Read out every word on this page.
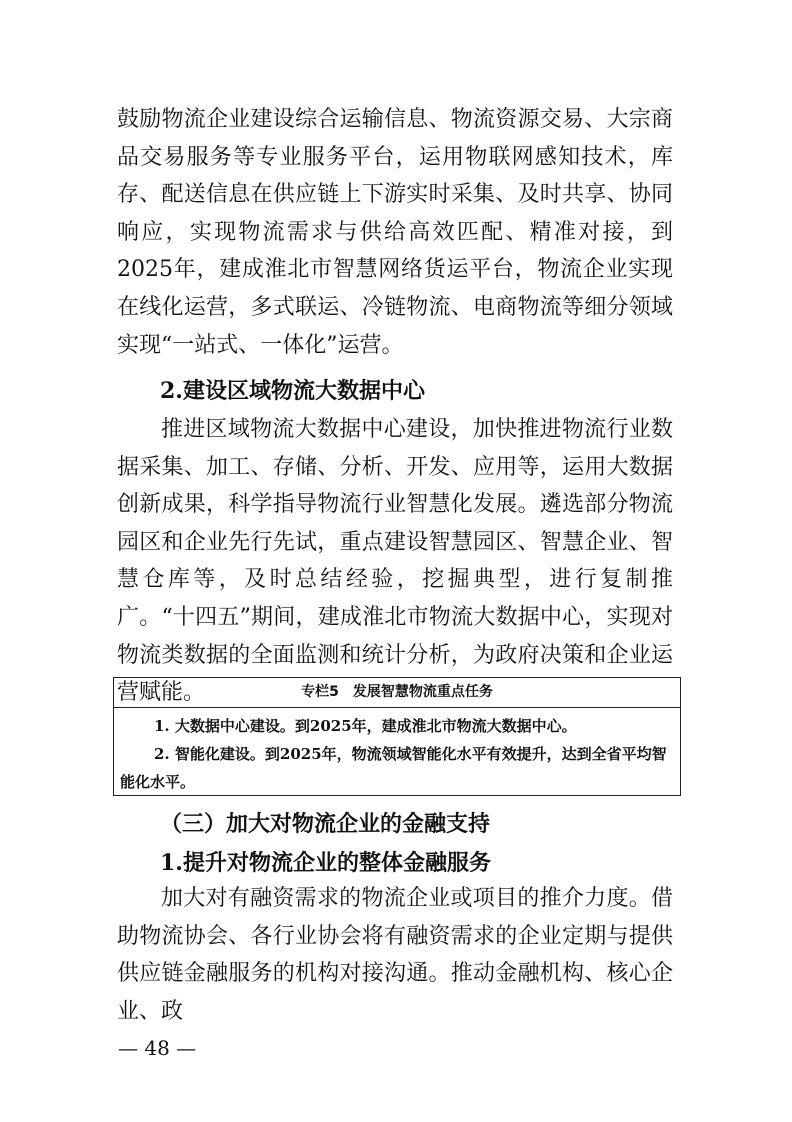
鼓励物流企业建设综合运输信息、物流资源交易、大宗商品交易服务等专业服务平台，运用物联网感知技术，库存、配送信息在供应链上下游实时采集、及时共享、协同响应，实现物流需求与供给高效匹配、精准对接，到2025年，建成淮北市智慧网络货运平台，物流企业实现在线化运营，多式联运、冷链物流、电商物流等细分领域实现“一站式、一体化”运营。

2.建设区域物流大数据中心

推进区域物流大数据中心建设，加快推进物流行业数据采集、加工、存储、分析、开发、应用等，运用大数据创新成果，科学指导物流行业智慧化发展。遴选部分物流园区和企业先行先试，重点建设智慧园区、智慧企业、智慧仓库等，及时总结经验，挖掘典型，进行复制推广。“十四五”期间，建成淮北市物流大数据中心，实现对物流类数据的全面监测和统计分析，为政府决策和企业运营赋能。	专栏5　发展智慧物流重点任务

1. 大数据中心建设。到2025年，建成淮北市物流大数据中心。

2. 智能化建设。到2025年，物流领域智能化水平有效提升，达到全省平均智能化水平。

（三）加大对物流企业的金融支持

1.提升对物流企业的整体金融服务

加大对有融资需求的物流企业或项目的推介力度。借助物流协会、各行业协会将有融资需求的企业定期与提供供应链金融服务的机构对接沟通。推动金融机构、核心企业、政

— 48 —
